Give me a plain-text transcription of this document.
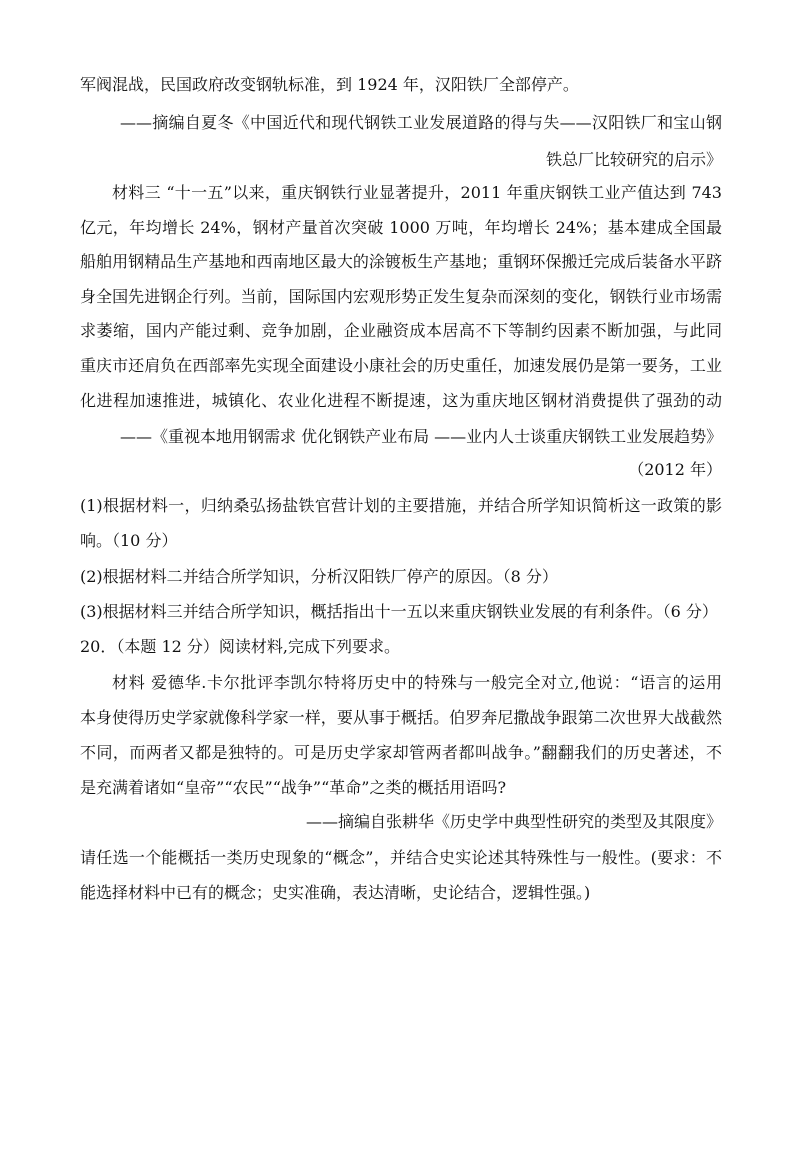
军阀混战，民国政府改变钢轨标准，到 1924 年，汉阳铁厂全部停产。
——摘编自夏冬《中国近代和现代钢铁工业发展道路的得与失——汉阳铁厂和宝山钢
铁总厂比较研究的启示》
材料三 “十一五”以来，重庆钢铁行业显著提升，2011 年重庆钢铁工业产值达到 743
亿元，年均增长 24%，钢材产量首次突破 1000 万吨，年均增长 24%；基本建成全国最
船舶用钢精品生产基地和西南地区最大的涂镀板生产基地；重钢环保搬迁完成后装备水平跻
身全国先进钢企行列。当前，国际国内宏观形势正发生复杂而深刻的变化，钢铁行业市场需
求萎缩，国内产能过剩、竞争加剧，企业融资成本居高不下等制约因素不断加强，与此同
重庆市还肩负在西部率先实现全面建设小康社会的历史重任，加速发展仍是第一要务，工业
化进程加速推进，城镇化、农业化进程不断提速，这为重庆地区钢材消费提供了强劲的动
——《重视本地用钢需求 优化钢铁产业布局 ——业内人士谈重庆钢铁工业发展趋势》
（2012 年）
(1)根据材料一，归纳桑弘扬盐铁官营计划的主要措施，并结合所学知识简析这一政策的影
响。（10 分）
(2)根据材料二并结合所学知识，分析汉阳铁厂停产的原因。（8 分）
(3)根据材料三并结合所学知识，概括指出十一五以来重庆钢铁业发展的有利条件。（6 分）
20．（本题 12 分）阅读材料,完成下列要求。
材料 爱德华.卡尔批评李凯尔特将历史中的特殊与一般完全对立,他说：“语言的运用
本身使得历史学家就像科学家一样，要从事于概括。伯罗奔尼撒战争跟第二次世界大战截然
不同，而两者又都是独特的。可是历史学家却管两者都叫战争。”翻翻我们的历史著述，不
是充满着诸如“皇帝”“农民”“战争”“革命”之类的概括用语吗?
——摘编自张耕华《历史学中典型性研究的类型及其限度》
请任选一个能概括一类历史现象的“概念”，并结合史实论述其特殊性与一般性。(要求：不
能选择材料中已有的概念；史实准确，表达清晰，史论结合，逻辑性强。)
